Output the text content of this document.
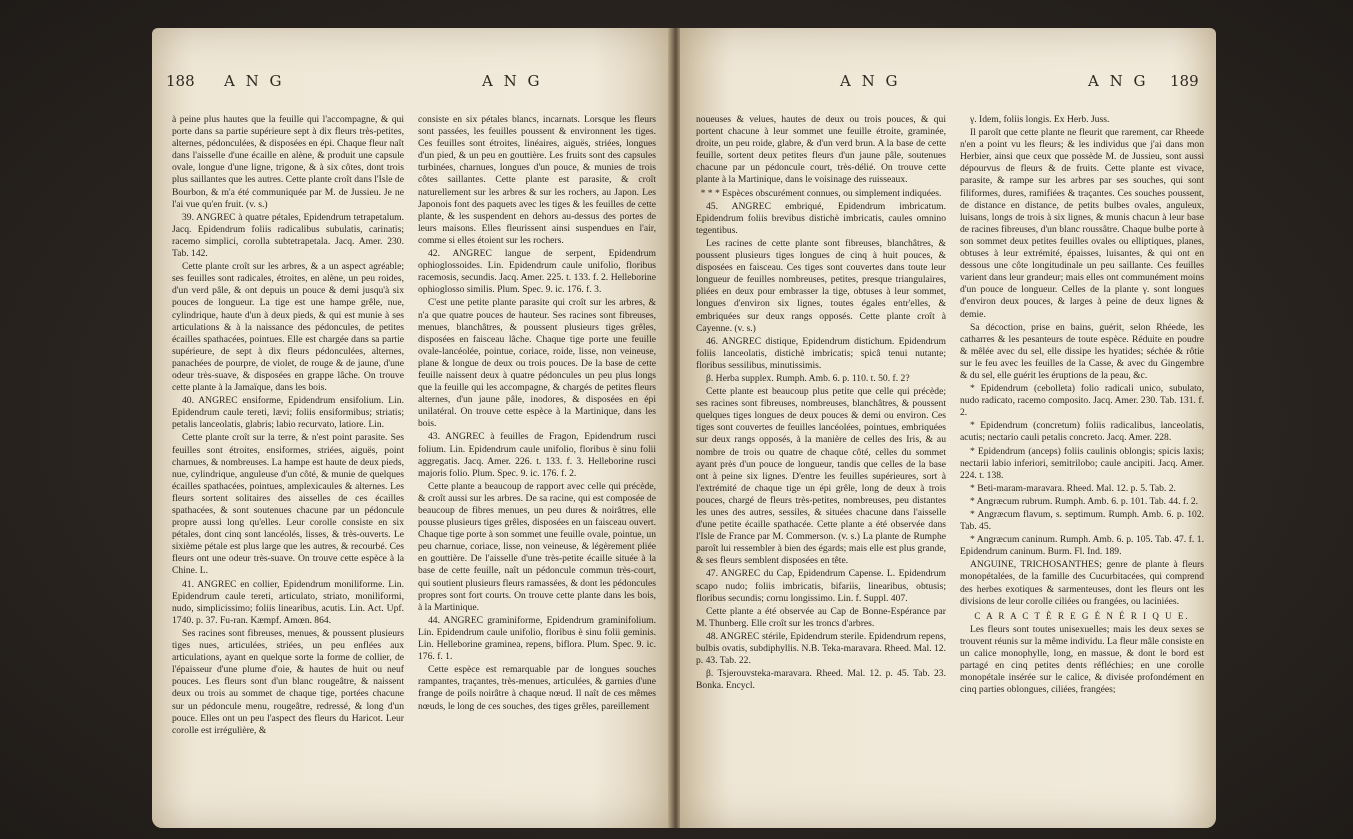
188 A N G	A N G

à peine plus hautes que la feuille qui l'accompagne, & qui porte dans sa partie supérieure sept à dix fleurs très-petites, alternes, pédonculées, & disposées en épi. Chaque fleur naît dans l'aisselle d'une écaille en alène, & produit une capsule ovale, longue d'une ligne, trigone, & à six côtes, dont trois plus saillantes que les autres. Cette plante croît dans l'Isle de Bourbon, & m'a été communiquée par M. de Jussieu. Je ne l'ai vue qu'en fruit. (v. s.)

39. ANGREC à quatre pétales, Epidendrum tetrapetalum. Jacq. Epidendrum foliis radicalibus subulatis, carinatis; racemo simplici, corolla subtetrapetala. Jacq. Amer. 230. Tab. 142.

Cette plante croît sur les arbres, & a un aspect agréable; ses feuilles sont radicales, étroites, en alène, un peu roides, d'un verd pâle, & ont depuis un pouce & demi jusqu'à six pouces de longueur. La tige est une hampe grêle, nue, cylindrique, haute d'un à deux pieds, & qui est munie à ses articulations & à la naissance des pédoncules, de petites écailles spathacées, pointues. Elle est chargée dans sa partie supérieure, de sept à dix fleurs pédonculées, alternes, panachées de pourpre, de violet, de rouge & de jaune, d'une odeur très-suave, & disposées en grappe lâche. On trouve cette plante à la Jamaïque, dans les bois.

40. ANGREC ensiforme, Epidendrum ensifolium. Lin. Epidendrum caule tereti, lævi; foliis ensiformibus; striatis; petalis lanceolatis, glabris; labio recurvato, latiore. Lin.

Cette plante croît sur la terre, & n'est point parasite. Ses feuilles sont étroites, ensiformes, striées, aiguës, point charnues, & nombreuses. La hampe est haute de deux pieds, nue, cylindrique, anguleuse d'un côté, & munie de quelques écailles spathacées, pointues, amplexicaules & alternes. Les fleurs sortent solitaires des aisselles de ces écailles spathacées, & sont soutenues chacune par un pédoncule propre aussi long qu'elles. Leur corolle consiste en six pétales, dont cinq sont lancéolés, lisses, & très-ouverts. Le sixième pétale est plus large que les autres, & recourbé. Ces fleurs ont une odeur très-suave. On trouve cette espèce à la Chine. L.

41. ANGREC en collier, Epidendrum moniliforme. Lin. Epidendrum caule tereti, articulato, striato, moniliformi, nudo, simplicissimo; foliis linearibus, acutis. Lin. Act. Upf. 1740. p. 37. Fu-ran. Kæmpf. Amœn. 864.

Ses racines sont fibreuses, menues, & poussent plusieurs tiges nues, articulées, striées, un peu enflées aux articulations, ayant en quelque sorte la forme de collier, de l'épaisseur d'une plume d'oie, & hautes de huit ou neuf pouces. Les fleurs sont d'un blanc rougeâtre, & naissent deux ou trois au sommet de chaque tige, portées chacune sur un pédoncule menu, rougeâtre, redressé, & long d'un pouce. Elles ont un peu l'aspect des fleurs du Haricot. Leur corolle est irrégulière, &

consiste en six pétales blancs, incarnats. Lorsque les fleurs sont passées, les feuilles poussent & environnent les tiges. Ces feuilles sont étroites, linéaires, aiguës, striées, longues d'un pied, & un peu en gouttière. Les fruits sont des capsules turbinées, charnues, longues d'un pouce, & munies de trois côtes saillantes. Cette plante est parasite, & croît naturellement sur les arbres & sur les rochers, au Japon. Les Japonois font des paquets avec les tiges & les feuilles de cette plante, & les suspendent en dehors au-dessus des portes de leurs maisons. Elles fleurissent ainsi suspendues en l'air, comme si elles étoient sur les rochers.

42. ANGREC langue de serpent, Epidendrum ophioglossoides. Lin. Epidendrum caule unifolio, floribus racemosis, secundis. Jacq. Amer. 225. t. 133. f. 2. Helleborine ophioglosso similis. Plum. Spec. 9. ic. 176. f. 3.

C'est une petite plante parasite qui croît sur les arbres, & n'a que quatre pouces de hauteur. Ses racines sont fibreuses, menues, blanchâtres, & poussent plusieurs tiges grêles, disposées en faisceau lâche. Chaque tige porte une feuille ovale-lancéolée, pointue, coriace, roide, lisse, non veineuse, plane & longue de deux ou trois pouces. De la base de cette feuille naissent deux à quatre pédoncules un peu plus longs que la feuille qui les accompagne, & chargés de petites fleurs alternes, d'un jaune pâle, inodores, & disposées en épi unilatéral. On trouve cette espèce à la Martinique, dans les bois.

43. ANGREC à feuilles de Fragon, Epidendrum rusci folium. Lin. Epidendrum caule unifolio, floribus è sinu folii aggregatis. Jacq. Amer. 226. t. 133. f. 3. Helleborine rusci majoris folio. Plum. Spec. 9. ic. 176. f. 2.

Cette plante a beaucoup de rapport avec celle qui précède, & croît aussi sur les arbres. De sa racine, qui est composée de beaucoup de fibres menues, un peu dures & noirâtres, elle pousse plusieurs tiges grêles, disposées en un faisceau ouvert. Chaque tige porte à son sommet une feuille ovale, pointue, un peu charnue, coriace, lisse, non veineuse, & légèrement pliée en gouttière. De l'aisselle d'une très-petite écaille située à la base de cette feuille, naît un pédoncule commun très-court, qui soutient plusieurs fleurs ramassées, & dont les pédoncules propres sont fort courts. On trouve cette plante dans les bois, à la Martinique.

44. ANGREC graminiforme, Epidendrum graminifolium. Lin. Epidendrum caule unifolio, floribus è sinu folii geminis. Lin. Helleborine graminea, repens, biflora. Plum. Spec. 9. ic. 176. f. 1.

Cette espèce est remarquable par de longues souches rampantes, traçantes, très-menues, articulées, & garnies d'une frange de poils noirâtre à chaque nœud. Il naît de ces mêmes nœuds, le long de ces souches, des tiges grêles, pareillement

A N G	A N G 189

noueuses & velues, hautes de deux ou trois pouces, & qui portent chacune à leur sommet une feuille étroite, graminée, droite, un peu roide, glabre, & d'un verd brun. A la base de cette feuille, sortent deux petites fleurs d'un jaune pâle, soutenues chacune par un pédoncule court, très-délié. On trouve cette plante à la Martinique, dans le voisinage des ruisseaux.

* * * Espèces obscurément connues, ou simplement indiquées.

45. ANGREC embriqué, Epidendrum imbricatum. Epidendrum foliis brevibus distichè imbricatis, caules omnino tegentibus.

Les racines de cette plante sont fibreuses, blanchâtres, & poussent plusieurs tiges longues de cinq à huit pouces, & disposées en faisceau. Ces tiges sont couvertes dans toute leur longueur de feuilles nombreuses, petites, presque triangulaires, pliées en deux pour embrasser la tige, obtuses à leur sommet, longues d'environ six lignes, toutes égales entr'elles, & embriquées sur deux rangs opposés. Cette plante croît à Cayenne. (v. s.)

46. ANGREC distique, Epidendrum distichum. Epidendrum foliis lanceolatis, distichè imbricatis; spicâ tenui nutante; floribus sessilibus, minutissimis.

β. Herba supplex. Rumph. Amb. 6. p. 110. t. 50. f. 2?

Cette plante est beaucoup plus petite que celle qui précède; ses racines sont fibreuses, nombreuses, blanchâtres, & poussent quelques tiges longues de deux pouces & demi ou environ. Ces tiges sont couvertes de feuilles lancéolées, pointues, embriquées sur deux rangs opposés, à la manière de celles des Iris, & au nombre de trois ou quatre de chaque côté, celles du sommet ayant près d'un pouce de longueur, tandis que celles de la base ont à peine six lignes. D'entre les feuilles supérieures, sort à l'extrémité de chaque tige un épi grêle, long de deux à trois pouces, chargé de fleurs très-petites, nombreuses, peu distantes les unes des autres, sessiles, & situées chacune dans l'aisselle d'une petite écaille spathacée. Cette plante a été observée dans l'Isle de France par M. Commerson. (v. s.) La plante de Rumphe paroît lui ressembler à bien des égards; mais elle est plus grande, & ses fleurs semblent disposées en tête.

47. ANGREC du Cap, Epidendrum Capense. L. Epidendrum scapo nudo; foliis imbricatis, bifariis, linearibus, obtusis; floribus secundis; cornu longissimo. Lin. f. Suppl. 407.

Cette plante a été observée au Cap de Bonne-Espérance par M. Thunberg. Elle croît sur les troncs d'arbres.

48. ANGREC stérile, Epidendrum sterile. Epidendrum repens, bulbis ovatis, subdiphyllis. N.B. Teka-maravara. Rheed. Mal. 12. p. 43. Tab. 22.

β. Tsjerouvsteka-maravara. Rheed. Mal. 12. p. 45. Tab. 23. Bonka. Encycl.

γ. Idem, foliis longis. Ex Herb. Juss.

Il paroît que cette plante ne fleurit que rarement, car Rheede n'en a point vu les fleurs; & les individus que j'ai dans mon Herbier, ainsi que ceux que possède M. de Jussieu, sont aussi dépourvus de fleurs & de fruits. Cette plante est vivace, parasite, & rampe sur les arbres par ses souches, qui sont filiformes, dures, ramifiées & traçantes. Ces souches poussent, de distance en distance, de petits bulbes ovales, anguleux, luisans, longs de trois à six lignes, & munis chacun à leur base de racines fibreuses, d'un blanc roussâtre. Chaque bulbe porte à son sommet deux petites feuilles ovales ou elliptiques, planes, obtuses à leur extrémité, épaisses, luisantes, & qui ont en dessous une côte longitudinale un peu saillante. Ces feuilles varient dans leur grandeur; mais elles ont communément moins d'un pouce de longueur. Celles de la plante γ. sont longues d'environ deux pouces, & larges à peine de deux lignes & demie.

Sa décoction, prise en bains, guérit, selon Rhéede, les catharres & les pesanteurs de toute espèce. Réduite en poudre & mêlée avec du sel, elle dissipe les hyatides; séchée & rôtie sur le feu avec les feuilles de la Casse, & avec du Gingembre & du sel, elle guérit les éruptions de la peau, &c.

* Epidendrum (cebolleta) folio radicali unico, subulato, nudo radicato, racemo composito. Jacq. Amer. 230. Tab. 131. f. 2.

* Epidendrum (concretum) foliis radicalibus, lanceolatis, acutis; nectario cauli petalis concreto. Jacq. Amer. 228.

* Epidendrum (anceps) foliis caulinis oblongis; spicis laxis; nectarii labio inferiori, semitrilobo; caule ancipiti. Jacq. Amer. 224. t. 138.

* Beti-maram-maravara. Rheed. Mal. 12. p. 5. Tab. 2.

* Angræcum rubrum. Rumph. Amb. 6. p. 101. Tab. 44. f. 2.

* Angræcum flavum, s. septimum. Rumph. Amb. 6. p. 102. Tab. 45.

* Angræcum caninum. Rumph. Amb. 6. p. 105. Tab. 47. f. 1. Epidendrum caninum. Burm. Fl. Ind. 189.

ANGUINE, TRICHOSANTHES; genre de plante à fleurs monopétalées, de la famille des Cucurbitacées, qui comprend des herbes exotiques & sarmenteuses, dont les fleurs ont les divisions de leur corolle ciliées ou frangées, ou laciniées.

C A R A C T È R E G É N É R I Q U E.

Les fleurs sont toutes unisexuelles; mais les deux sexes se trouvent réunis sur la même individu. La fleur mâle consiste en un calice monophylle, long, en massue, & dont le bord est partagé en cinq petites dents réfléchies; en une corolle monopétale insérée sur le calice, & divisée profondément en cinq parties oblongues, ciliées, frangées;
